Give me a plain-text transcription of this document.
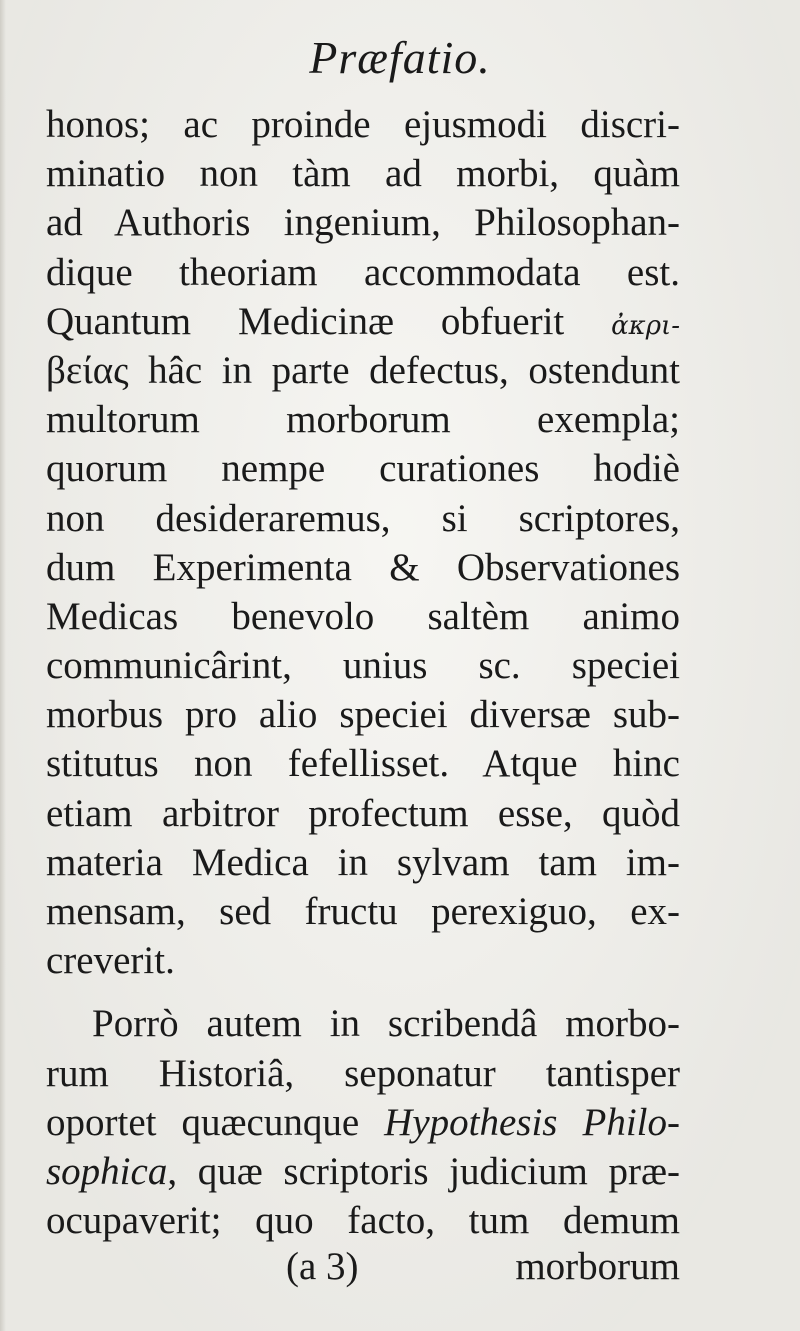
Præfatio.
honos; ac proinde ejusmodi discri-
minatio non tàm ad morbi, quàm
ad Authoris ingenium, Philosophan-
dique theoriam accommodata est.
Quantum Medicinæ obfuerit ἀκρι-
βείας hâc in parte defectus, ostendunt
multorum morborum exempla;
quorum nempe curationes hodiè
non desideraremus, si scriptores,
dum Experimenta & Observationes
Medicas benevolo saltèm animo
communicârint, unius sc. speciei
morbus pro alio speciei diversæ sub-
stitutus non fefellisset. Atque hinc
etiam arbitror profectum esse, quòd
materia Medica in sylvam tam im-
mensam, sed fructu perexiguo, ex-
creverit.
Porrò autem in scribendâ morbo-
rum Historiâ, seponatur tantisper
oportet quæcunque Hypothesis Philo-
sophica, quæ scriptoris judicium præ-
ocupaverit; quo facto, tum demum
(a 3)	morborum
